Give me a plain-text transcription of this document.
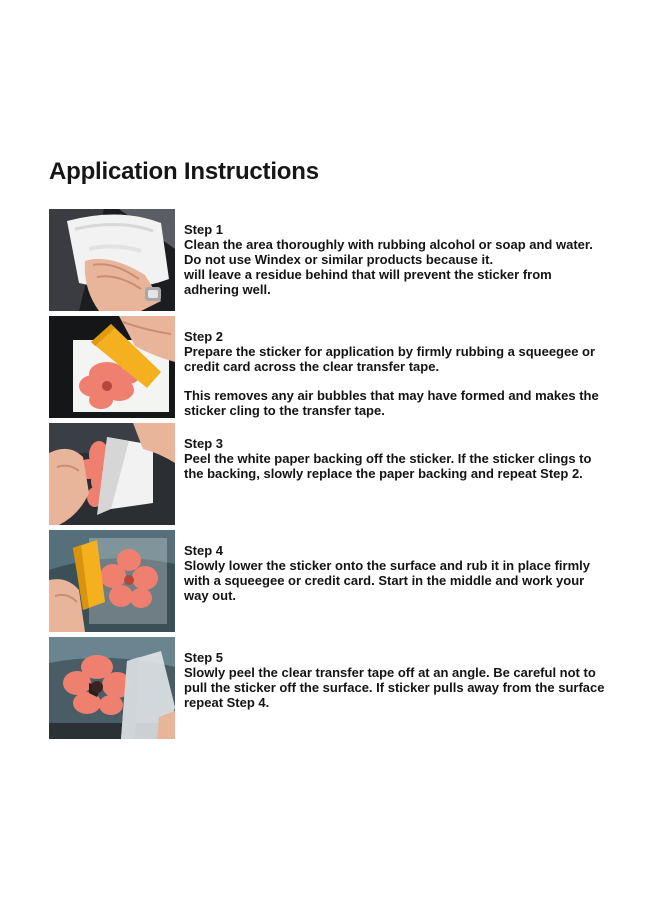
Application Instructions

Step 1

Clean the area thoroughly with rubbing alcohol or soap and water.

Do not use Windex or similar products because it.

will leave a residue behind that will prevent the sticker from

adhering well.

Step 2

Prepare the sticker for application by firmly rubbing a squeegee or

credit card across the clear transfer tape.

This removes any air bubbles that may have formed and makes the

sticker cling to the transfer tape.

Step 3

Peel the white paper backing off the sticker. If the sticker clings to

the backing, slowly replace the paper backing and repeat Step 2.

Step 4

Slowly lower the sticker onto the surface and rub it in place firmly

with a squeegee or credit card. Start in the middle and work your

way out.

Step 5

Slowly peel the clear transfer tape off at an angle. Be careful not to

pull the sticker off the surface. If sticker pulls away from the surface

repeat Step 4.
